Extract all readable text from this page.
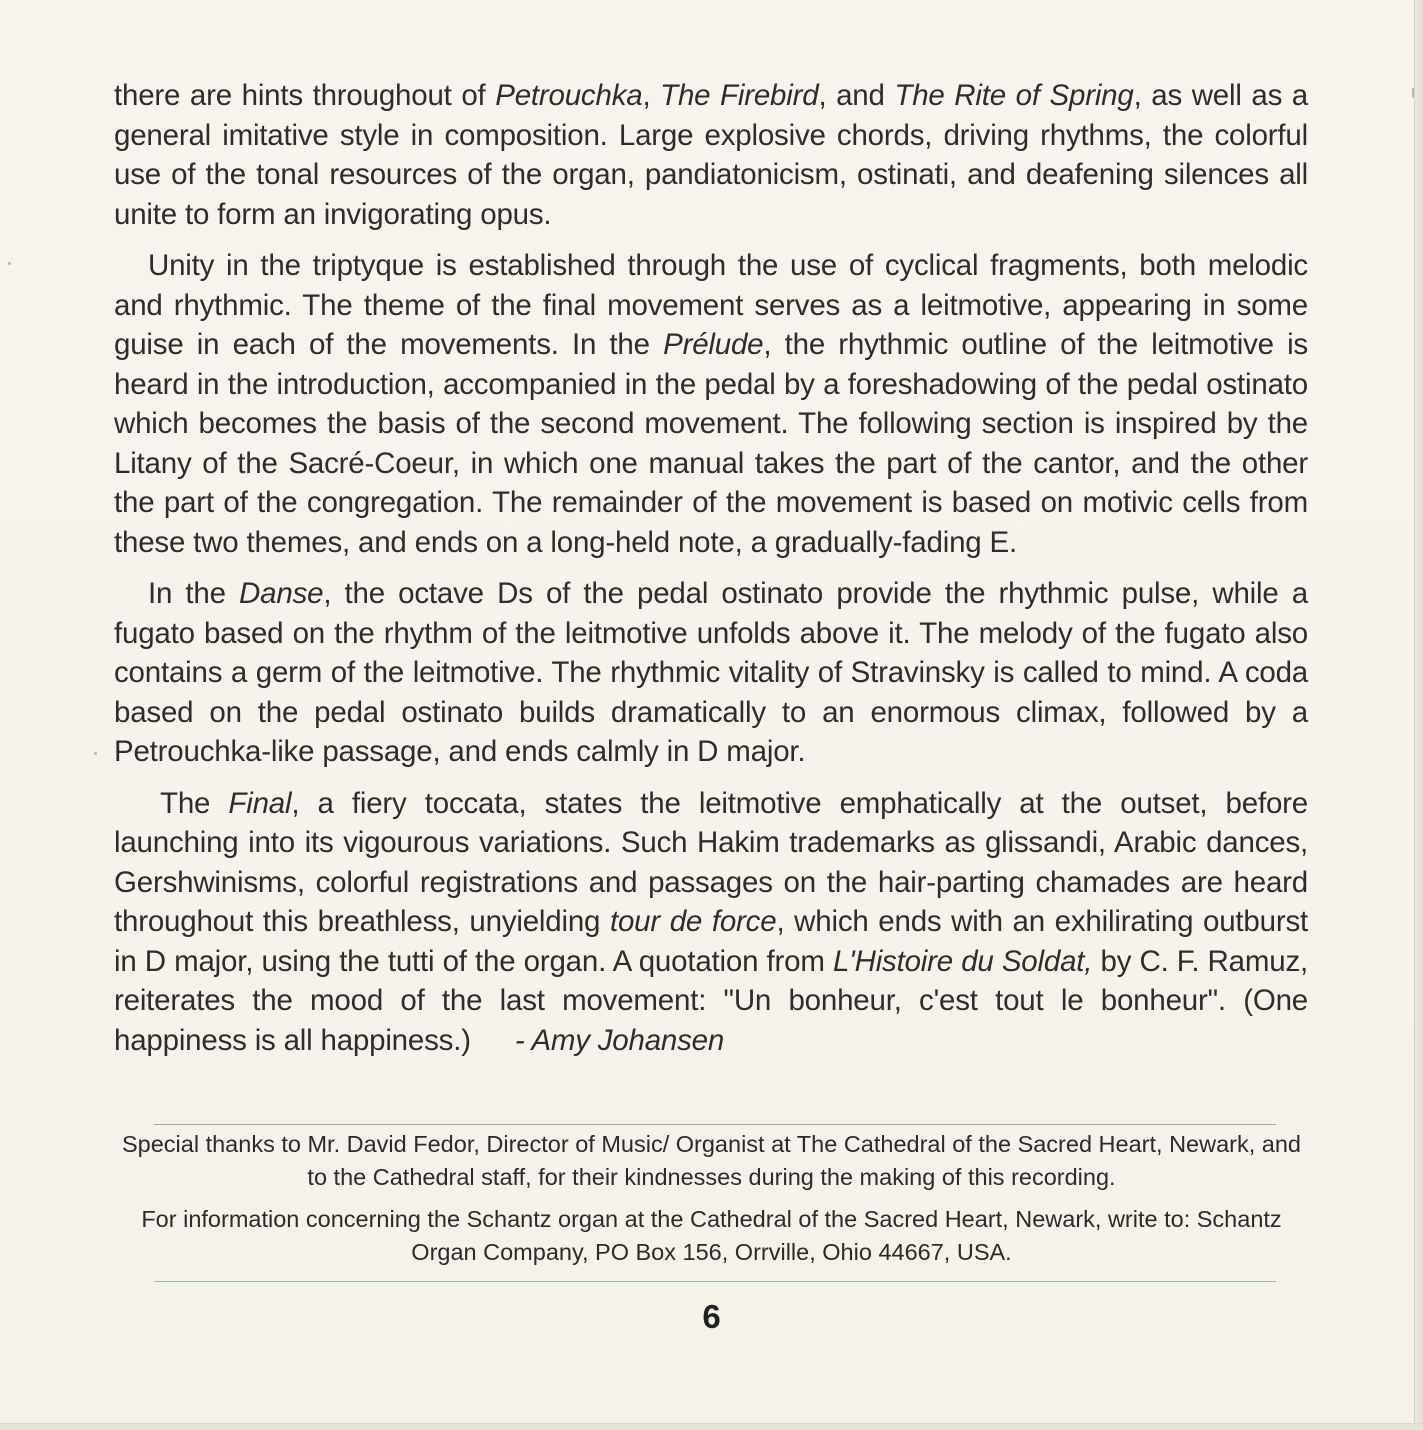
there are hints throughout of Petrouchka, The Firebird, and The Rite of Spring, as well as a general imitative style in composition. Large explosive chords, driving rhythms, the colorful use of the tonal resources of the organ, pandiatonicism, ostinati, and deafening silences all unite to form an invigorating opus.

Unity in the triptyque is established through the use of cyclical fragments, both melodic and rhythmic. The theme of the final movement serves as a leitmotive, appearing in some guise in each of the movements. In the Prélude, the rhythmic outline of the leitmotive is heard in the introduction, accompanied in the pedal by a foreshadowing of the pedal ostinato which becomes the basis of the second movement. The following section is inspired by the Litany of the Sacré-Coeur, in which one manual takes the part of the cantor, and the other the part of the congregation. The remainder of the movement is based on motivic cells from these two themes, and ends on a long-held note, a gradually-fading E.

In the Danse, the octave Ds of the pedal ostinato provide the rhythmic pulse, while a fugato based on the rhythm of the leitmotive unfolds above it. The melody of the fugato also contains a germ of the leitmotive. The rhythmic vitality of Stravinsky is called to mind. A coda based on the pedal ostinato builds dramatically to an enormous climax, followed by a Petrouchka-like passage, and ends calmly in D major.

The Final, a fiery toccata, states the leitmotive emphatically at the outset, before launching into its vigourous variations. Such Hakim trademarks as glissandi, Arabic dances, Gershwinisms, colorful registrations and passages on the hair-parting chamades are heard throughout this breathless, unyielding tour de force, which ends with an exhilirating outburst in D major, using the tutti of the organ. A quotation from L'Histoire du Soldat, by C. F. Ramuz, reiterates the mood of the last movement: "Un bonheur, c'est tout le bonheur". (One happiness is all happiness.) - Amy Johansen

Special thanks to Mr. David Fedor, Director of Music/ Organist at The Cathedral of the Sacred Heart, Newark, and to the Cathedral staff, for their kindnesses during the making of this recording.

For information concerning the Schantz organ at the Cathedral of the Sacred Heart, Newark, write to: Schantz Organ Company, PO Box 156, Orrville, Ohio 44667, USA.

6
